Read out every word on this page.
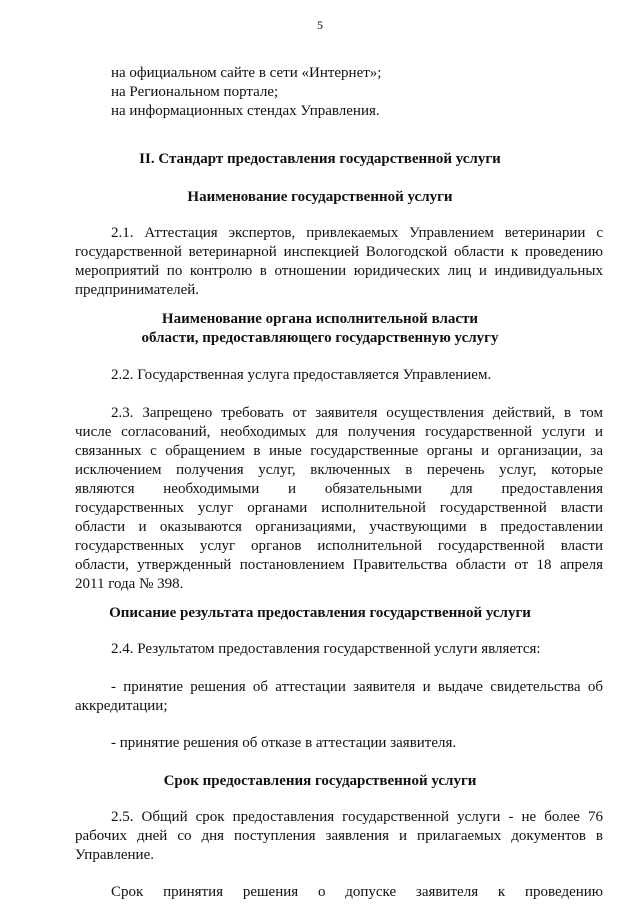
5
на официальном сайте в сети «Интернет»;
на Региональном портале;
на информационных стендах Управления.
II. Стандарт предоставления государственной услуги
Наименование государственной услуги
2.1. Аттестация экспертов, привлекаемых Управлением ветеринарии с
государственной ветеринарной инспекцией Вологодской области к проведению
мероприятий по контролю в отношении юридических лиц и индивидуальных
предпринимателей.
Наименование органа исполнительной власти
области, предоставляющего государственную услугу
2.2. Государственная услуга предоставляется Управлением.
2.3. Запрещено требовать от заявителя осуществления действий, в том
числе согласований, необходимых для получения государственной услуги и
связанных с обращением в иные государственные органы и организации, за
исключением получения услуг, включенных в перечень услуг, которые
являются необходимыми и обязательными для предоставления
государственных услуг органами исполнительной государственной власти
области и оказываются организациями, участвующими в предоставлении
государственных услуг органов исполнительной государственной власти
области, утвержденный постановлением Правительства области от 18 апреля
2011 года № 398.
Описание результата предоставления государственной услуги
2.4. Результатом предоставления государственной услуги является:
- принятие решения об аттестации заявителя и выдаче свидетельства об
аккредитации;
- принятие решения об отказе в аттестации заявителя.
Срок предоставления государственной услуги
2.5. Общий срок предоставления государственной услуги - не более 76
рабочих дней со дня поступления заявления и прилагаемых документов в
Управление.
Срок принятия решения о допуске заявителя к проведению
